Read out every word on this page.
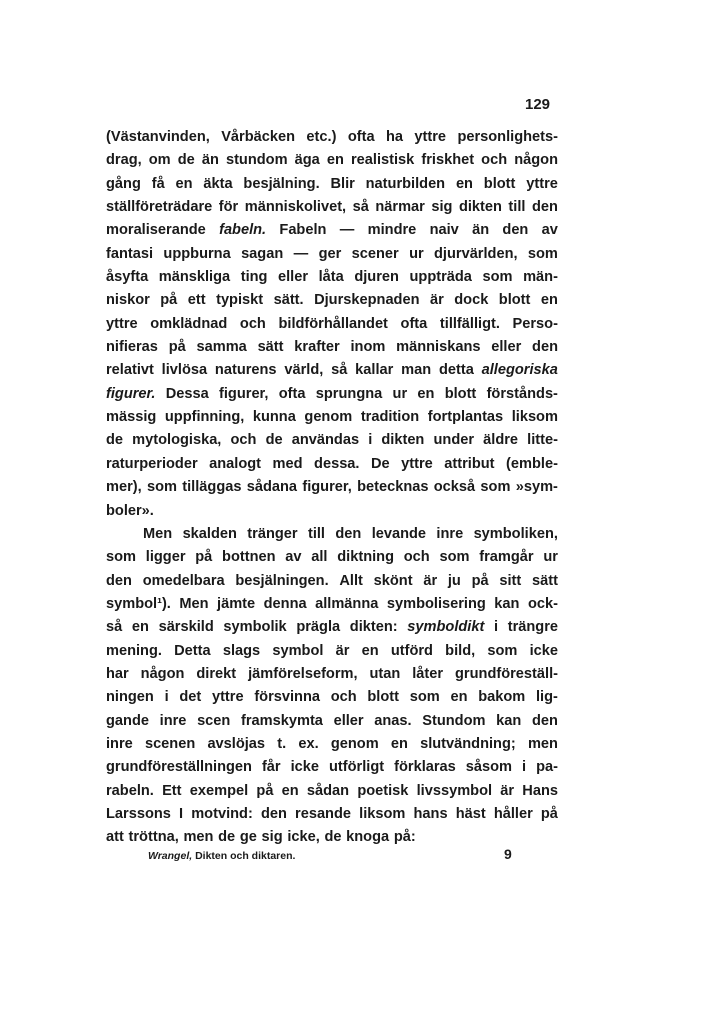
129
(Västanvinden, Vårbäcken etc.) ofta ha yttre personlighets-
drag, om de än stundom äga en realistisk friskhet och någon
gång få en äkta besjälning. Blir naturbilden en blott yttre
ställföreträdare för människolivet, så närmar sig dikten till den
moraliserande fabeln. Fabeln — mindre naiv än den av
fantasi uppburna sagan — ger scener ur djurvärlden, som
åsyfta mänskliga ting eller låta djuren uppträda som män-
niskor på ett typiskt sätt. Djurskepnaden är dock blott en
yttre omklädnad och bildförhållandet ofta tillfälligt. Perso-
nifieras på samma sätt krafter inom människans eller den
relativt livlösa naturens värld, så kallar man detta allegoriska
figurer. Dessa figurer, ofta sprungna ur en blott förstånds-
mässig uppfinning, kunna genom tradition fortplantas liksom
de mytologiska, och de användas i dikten under äldre litte-
raturperioder analogt med dessa. De yttre attribut (emble-
mer), som tilläggas sådana figurer, betecknas också som »sym-
boler».
Men skalden tränger till den levande inre symboliken,
som ligger på bottnen av all diktning och som framgår ur
den omedelbara besjälningen. Allt skönt är ju på sitt sätt
symbol¹). Men jämte denna allmänna symbolisering kan ock-
så en särskild symbolik prägla dikten: symboldikt i trängre
mening. Detta slags symbol är en utförd bild, som icke
har någon direkt jämförelseform, utan låter grundföreställ-
ningen i det yttre försvinna och blott som en bakom lig-
gande inre scen framskymta eller anas. Stundom kan den
inre scenen avslöjas t. ex. genom en slutvändning; men
grundföreställningen får icke utförligt förklaras såsom i pa-
rabeln. Ett exempel på en sådan poetisk livssymbol är Hans
Larssons I motvind: den resande liksom hans häst håller på
att tröttna, men de ge sig icke, de knoga på:
Wrangel, Dikten och diktaren.	9
